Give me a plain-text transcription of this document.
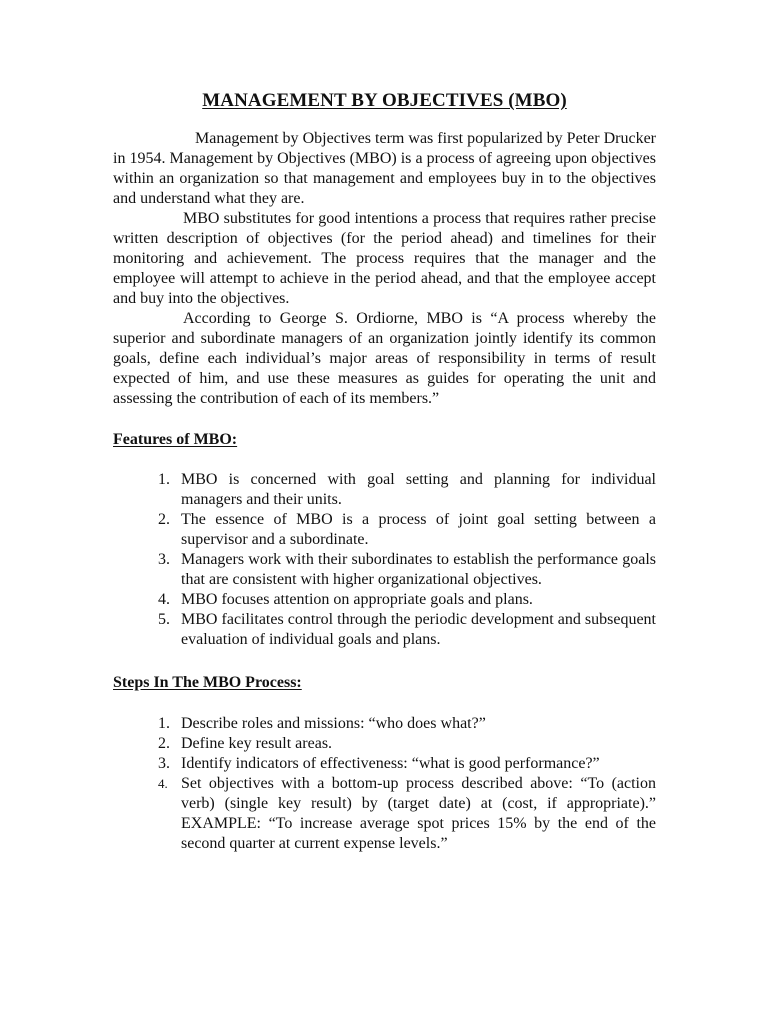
MANAGEMENT BY OBJECTIVES (MBO)

Management by Objectives term was first popularized by Peter Drucker in 1954. Management by Objectives (MBO) is a process of agreeing upon objectives within an organization so that management and employees buy in to the objectives and understand what they are.

MBO substitutes for good intentions a process that requires rather precise written description of objectives (for the period ahead) and timelines for their monitoring and achievement. The process requires that the manager and the employee will attempt to achieve in the period ahead, and that the employee accept and buy into the objectives.

According to George S. Ordiorne, MBO is “A process whereby the superior and subordinate managers of an organization jointly identify its common goals, define each individual’s major areas of responsibility in terms of result expected of him, and use these measures as guides for operating the unit and assessing the contribution of each of its members.”

Features of MBO:
1. MBO is concerned with goal setting and planning for individual managers and their units.
2. The essence of MBO is a process of joint goal setting between a supervisor and a subordinate.
3. Managers work with their subordinates to establish the performance goals that are consistent with higher organizational objectives.
4. MBO focuses attention on appropriate goals and plans.
5. MBO facilitates control through the periodic development and subsequent evaluation of individual goals and plans.
Steps In The MBO Process:
1. Describe roles and missions: “who does what?”
2. Define key result areas.
3. Identify indicators of effectiveness: “what is good performance?”
4. Set objectives with a bottom-up process described above: “To (action verb) (single key result) by (target date) at (cost, if appropriate).” EXAMPLE: “To increase average spot prices 15% by the end of the second quarter at current expense levels.”
